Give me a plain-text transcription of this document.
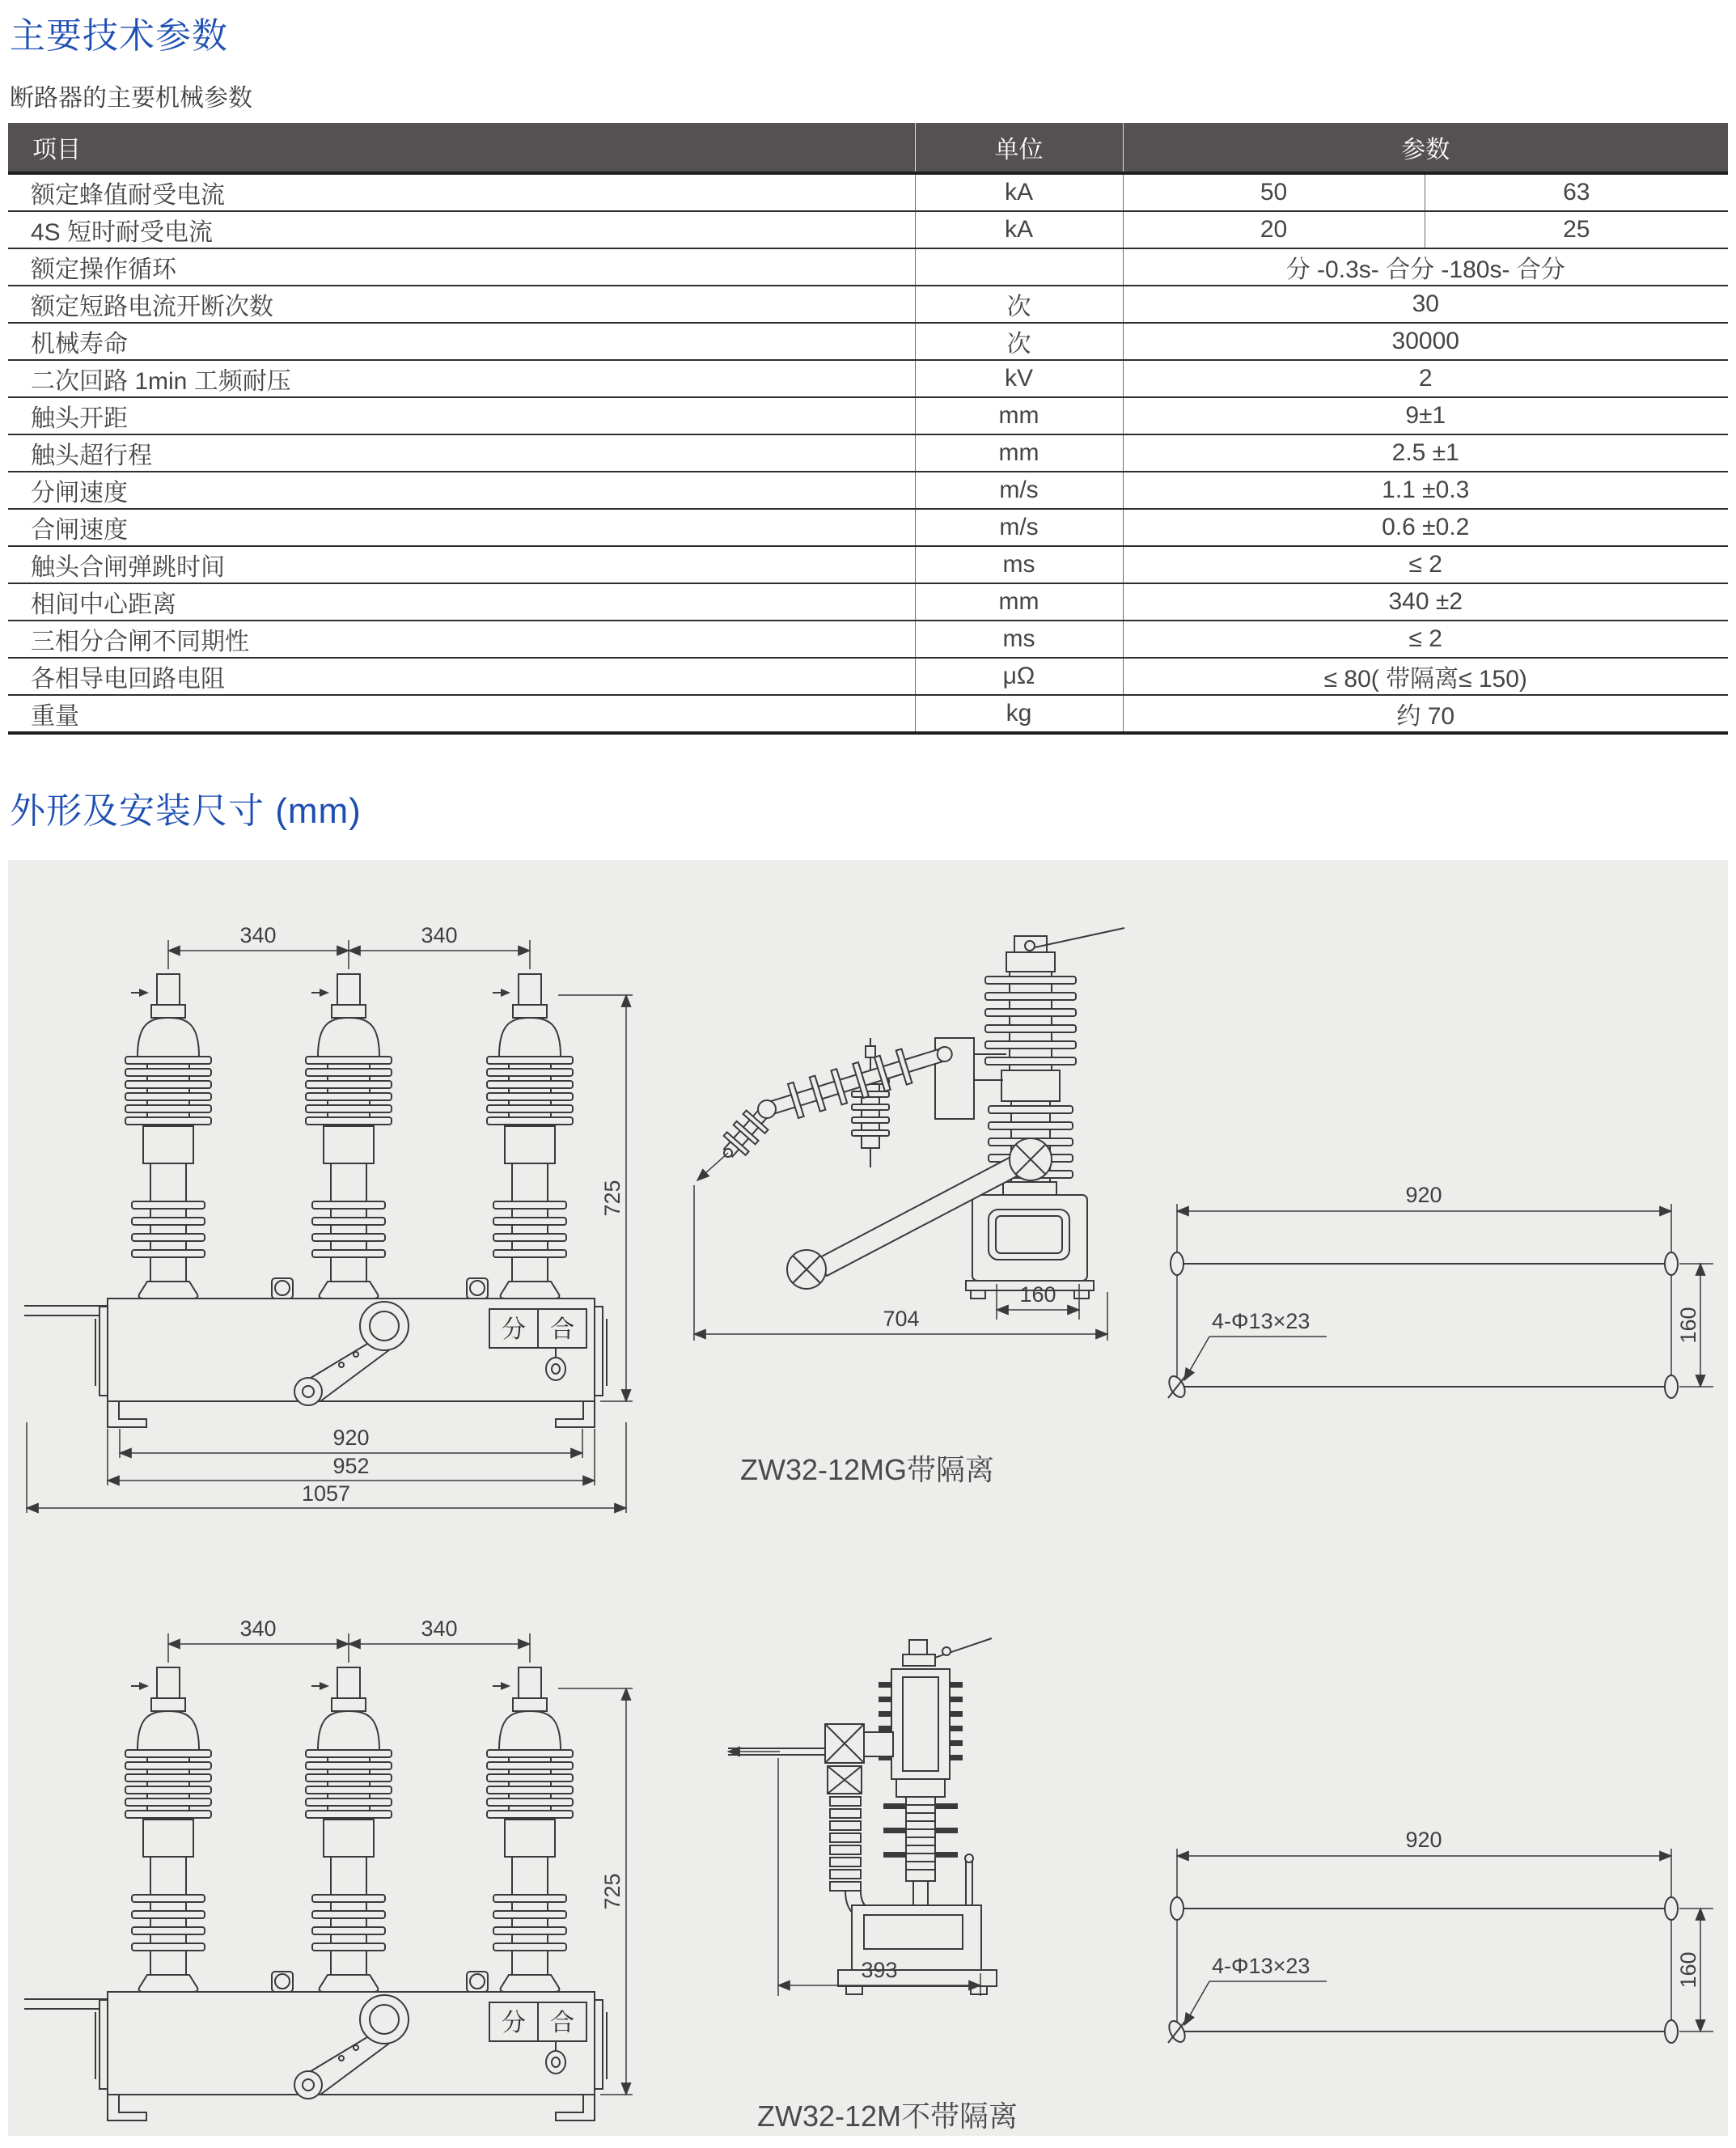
主要技术参数
断路器的主要机械参数
项目	单位	参数	
额定蜂值耐受电流	kA	50	63
4S 短时耐受电流	kA	20	25
额定操作循环		分 -0.3s- 合分 -180s- 合分	
额定短路电流开断次数	次	30	
机械寿命	次	30000	
二次回路 1min 工频耐压	kV	2	
触头开距	mm	9±1	
触头超行程	mm	2.5 ±1	
分闸速度	m/s	1.1 ±0.3	
合闸速度	m/s	0.6 ±0.2	
触头合闸弹跳时间	ms	≤ 2	
相间中心距离	mm	340 ±2	
三相分合闸不同期性	ms	≤ 2	
各相导电回路电阻	μΩ	≤ 80( 带隔离≤ 150)	
重量	kg	约 70	
外形及安装尺寸 (mm)
分 合
340	340
725
920
952
1057
160
704
ZW32-12MG带隔离
920
160
4-Φ13×23
分 合
340	340
725
393
ZW32-12M不带隔离
920
160
4-Φ13×23
